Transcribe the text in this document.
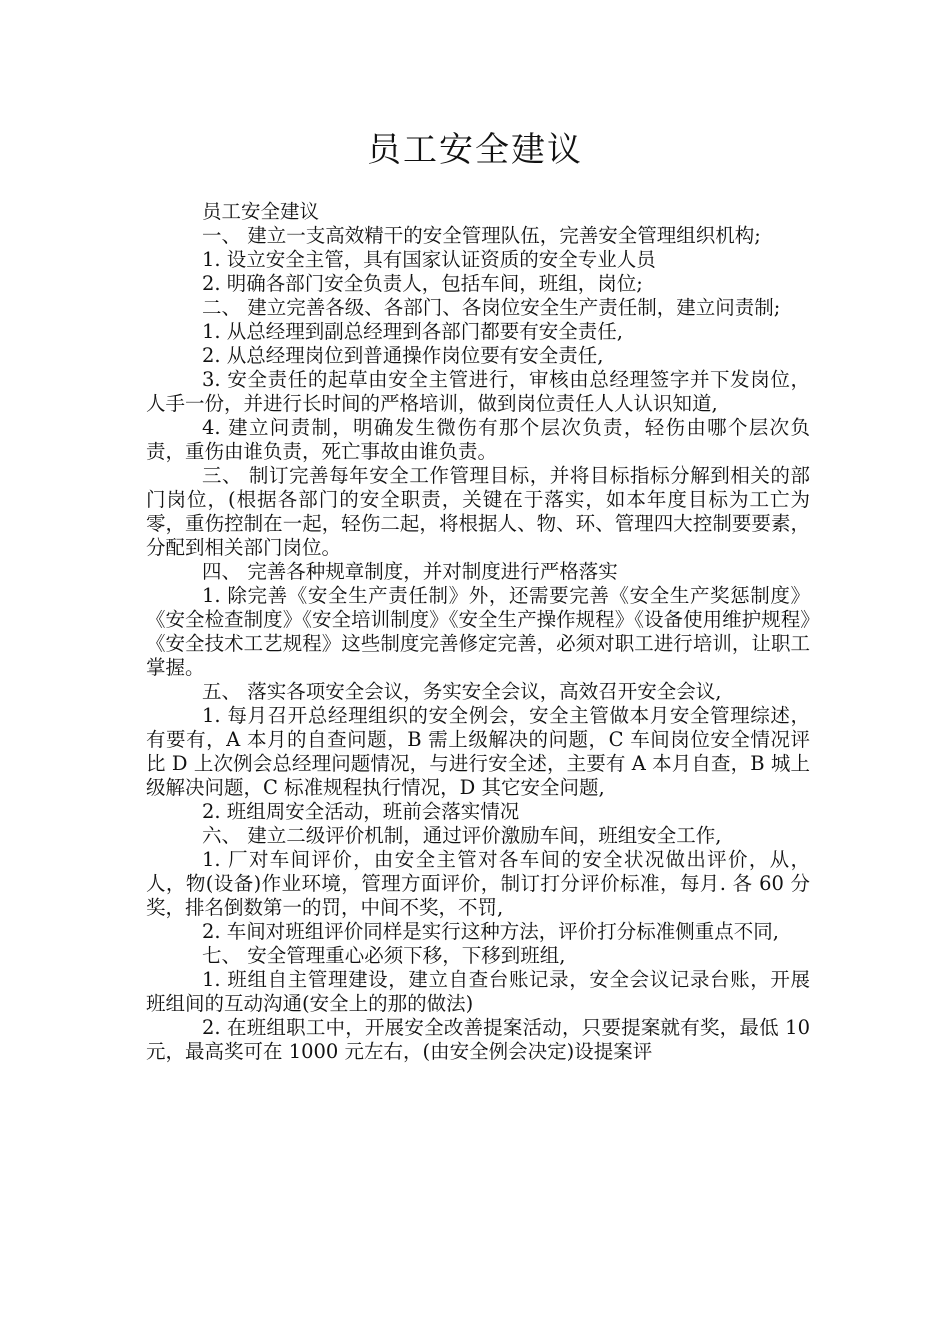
员工安全建议

员工安全建议

一、 建立一支高效精干的安全管理队伍，完善安全管理组织机构;

1. 设立安全主管，具有国家认证资质的安全专业人员

2. 明确各部门安全负责人，包括车间，班组，岗位;

二、 建立完善各级、各部门、各岗位安全生产责任制，建立问责制;

1. 从总经理到副总经理到各部门都要有安全责任,

2. 从总经理岗位到普通操作岗位要有安全责任,

3. 安全责任的起草由安全主管进行，审核由总经理签字并下发岗位，人手一份，并进行长时间的严格培训，做到岗位责任人人认识知道,

4. 建立问责制，明确发生微伤有那个层次负责，轻伤由哪个层次负责，重伤由谁负责，死亡事故由谁负责。

三、 制订完善每年安全工作管理目标，并将目标指标分解到相关的部门岗位，(根据各部门的安全职责，关键在于落实，如本年度目标为工亡为零，重伤控制在一起，轻伤二起，将根据人、物、环、管理四大控制要要素，分配到相关部门岗位。

四、 完善各种规章制度，并对制度进行严格落实

1. 除完善《安全生产责任制》外，还需要完善《安全生产奖惩制度》《安全检查制度》《安全培训制度》《安全生产操作规程》《设备使用维护规程》《安全技术工艺规程》这些制度完善修定完善，必须对职工进行培训，让职工掌握。

五、 落实各项安全会议，务实安全会议，高效召开安全会议,

1. 每月召开总经理组织的安全例会，安全主管做本月安全管理综述，有要有，A 本月的自查问题，B 需上级解决的问题，C 车间岗位安全情况评比 D 上次例会总经理问题情况，与进行安全述，主要有 A 本月自查，B 城上级解决问题，C 标准规程执行情况，D 其它安全问题,

2. 班组周安全活动，班前会落实情况

六、 建立二级评价机制，通过评价激励车间，班组安全工作,

1. 厂对车间评价，由安全主管对各车间的安全状况做出评价，从，人，物(设备)作业环境，管理方面评价，制订打分评价标准，每月. 各 60 分奖，排名倒数第一的罚，中间不奖，不罚,

2. 车间对班组评价同样是实行这种方法，评价打分标准侧重点不同,

七、 安全管理重心必须下移，下移到班组,

1. 班组自主管理建设，建立自查台账记录，安全会议记录台账，开展班组间的互动沟通(安全上的那的做法)

2. 在班组职工中，开展安全改善提案活动，只要提案就有奖，最低 10 元，最高奖可在 1000 元左右，(由安全例会决定)设提案评
